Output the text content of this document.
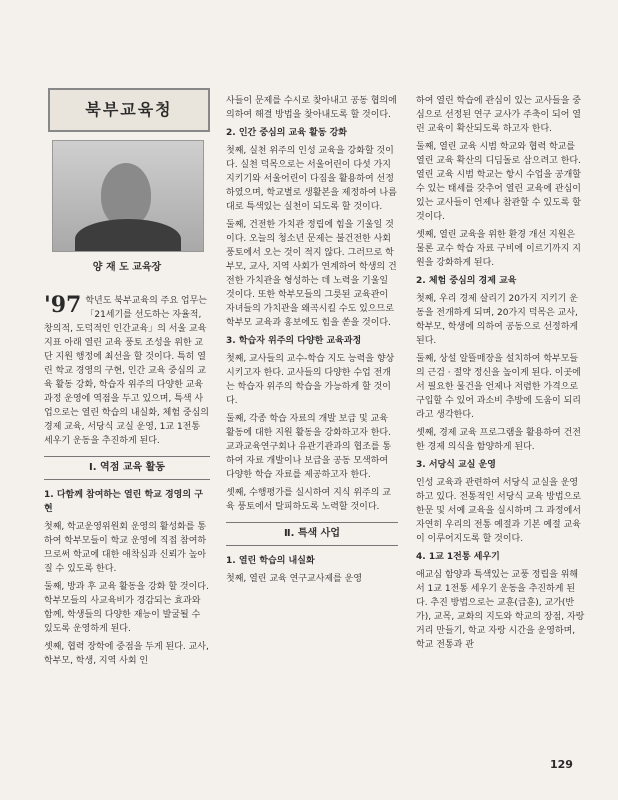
북부교육청
양 재 도 교육장

'97 학년도 북부교육의 주요 업무는 「21세기를 선도하는 자율적, 창의적, 도덕적인 인간교육」의 서울 교육 지표 아래 열린 교육 풍토 조성을 위한 교단 지원 행정에 최선을 할 것이다. 특히 열린 학교 경영의 구현, 인간 교육 중심의 교육 활동 강화, 학습자 위주의 다양한 교육과정 운영에 역점을 두고 있으며, 특색 사업으로는 열린 학습의 내실화, 체험 중심의 경제 교육, 서당식 교실 운영, 1교 1전통 세우기 운동을 추진하게 된다.

Ⅰ. 역점 교육 활동

1. 다함께 참여하는 열린 학교 경영의 구현

첫째, 학교운영위원회 운영의 활성화를 통하여 학부모들이 학교 운영에 직접 참여하므로써 학교에 대한 애착심과 신뢰가 높아질 수 있도록 한다.

둘째, 방과 후 교육 활동을 강화 할 것이다. 학부모들의 사교육비가 경감되는 효과와 함께, 학생들의 다양한 재능이 발굴될 수 있도록 운영하게 된다.

셋째, 협력 장학에 중점을 두게 된다. 교사, 학부모, 학생, 지역 사회 인

사들이 문제를 수시로 찾아내고 공동 협의에 의하여 해결 방법을 찾아내도록 할 것이다.

2. 인간 중심의 교육 활동 강화

첫째, 실천 위주의 인성 교육을 강화할 것이다. 실천 덕목으로는 서울어린이 다섯 가지 지키기와 서울어린이 다짐을 활용하여 선정하였으며, 학교별로 생활본을 제정하여 나름대로 특색있는 실천이 되도록 할 것이다.

둘째, 건전한 가치관 정립에 힘을 기울일 것이다. 오늘의 청소년 문제는 불건전한 사회 풍토에서 오는 것이 적지 않다. 그러므로 학부모, 교사, 지역 사회가 연계하여 학생의 건전한 가치관을 형성하는 데 노력을 기울일 것이다. 또한 학부모들의 그릇된 교육관이 자녀들의 가치관을 왜곡시킬 수도 있으므로 학부모 교육과 홍보에도 힘을 쏟을 것이다.

3. 학습자 위주의 다양한 교육과정

첫째, 교사들의 교수-학습 지도 능력을 향상시키고자 한다. 교사들의 다양한 수업 전개는 학습자 위주의 학습을 가능하게 할 것이다.

둘째, 각종 학습 자료의 개발 보급 및 교육 활동에 대한 지원 활동을 강화하고자 한다. 교과교육연구회나 유관기관과의 협조를 통하여 자료 개발이나 보급을 공동 모색하여 다양한 학습 자료를 제공하고자 한다.

셋째, 수행평가를 실시하여 지식 위주의 교육 풍토에서 탈피하도록 노력할 것이다.

Ⅱ. 특색 사업

1. 열린 학습의 내실화

첫째, 열린 교육 연구교사제를 운영

하여 열린 학습에 관심이 있는 교사들을 중심으로 선정된 연구 교사가 주축이 되어 열린 교육이 확산되도록 하고자 한다.

둘째, 열린 교육 시범 학교와 협력 학교를 열린 교육 확산의 디딤돌로 삼으려고 한다. 열린 교육 시범 학교는 항시 수업을 공개할 수 있는 태세를 갖추어 열린 교육에 관심이 있는 교사들이 언제나 참관할 수 있도록 할 것이다.

셋째, 열린 교육을 위한 환경 개선 지원은 물론 교수 학습 자료 구비에 이르기까지 지원을 강화하게 된다.

2. 체험 중심의 경제 교육

첫째, 우리 경제 살리기 20가지 지키기 운동을 전개하게 되며, 20가지 덕목은 교사, 학부모, 학생에 의하여 공동으로 선정하게 된다.

둘째, 상설 알뜰매장을 설치하여 학부모들의 근검 · 절약 정신을 높이게 된다. 이곳에서 필요한 물건을 언제나 저렴한 가격으로 구입할 수 있어 과소비 추방에 도움이 되리라고 생각한다.

셋째, 경제 교육 프로그램을 활용하여 건전한 경제 의식을 함양하게 된다.

3. 서당식 교실 운영

인성 교육과 관련하여 서당식 교실을 운영하고 있다. 전통적인 서당식 교육 방법으로 한문 및 서예 교육을 실시하며 그 과정에서 자연히 우리의 전통 예절과 기본 예절 교육이 이루어지도록 할 것이다.

4. 1교 1전통 세우기

애교심 함양과 특색있는 교풍 정립을 위해서 1교 1전통 세우기 운동을 추진하게 된다. 추진 방법으로는 교훈(급훈), 교가(반가), 교목, 교화의 지도와 학교의 장점, 자랑거리 만들기, 학교 자랑 시간을 운영하며, 학교 전통과 관

129
